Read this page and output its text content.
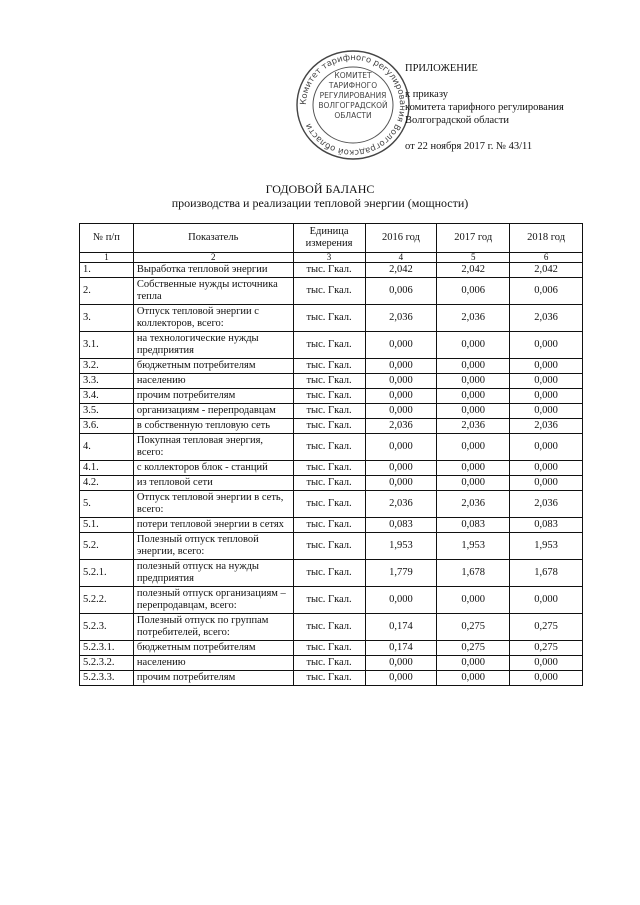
Комитет тарифного регулирования Волгоградской области
КОМИТЕТ ТАРИФНОГО РЕГУЛИРОВАНИЯ ВОЛГОГРАДСКОЙ ОБЛАСТИ
ПРИЛОЖЕНИЕ
к приказу
комитета тарифного регулирования
Волгоградской области
от 22 ноября 2017 г. № 43/11
ГОДОВОЙ БАЛАНС
производства и реализации тепловой энергии (мощности)
№ п/п	Показатель	Единица измерения	2016 год	2017 год	2018 год
1	2	3	4	5	6
1.	Выработка тепловой энергии	тыс. Гкал.	2,042	2,042	2,042
2.	Собственные нужды источника тепла	тыс. Гкал.	0,006	0,006	0,006
3.	Отпуск тепловой энергии с коллекторов, всего:	тыс. Гкал.	2,036	2,036	2,036
3.1.	на технологические нужды предприятия	тыс. Гкал.	0,000	0,000	0,000
3.2.	бюджетным потребителям	тыс. Гкал.	0,000	0,000	0,000
3.3.	населению	тыс. Гкал.	0,000	0,000	0,000
3.4.	прочим потребителям	тыс. Гкал.	0,000	0,000	0,000
3.5.	организациям - перепродавцам	тыс. Гкал.	0,000	0,000	0,000
3.6.	в собственную тепловую сеть	тыс. Гкал.	2,036	2,036	2,036
4.	Покупная тепловая энергия, всего:	тыс. Гкал.	0,000	0,000	0,000
4.1.	с коллекторов блок - станций	тыс. Гкал.	0,000	0,000	0,000
4.2.	из тепловой сети	тыс. Гкал.	0,000	0,000	0,000
5.	Отпуск тепловой энергии в сеть, всего:	тыс. Гкал.	2,036	2,036	2,036
5.1.	потери тепловой энергии в сетях	тыс. Гкал.	0,083	0,083	0,083
5.2.	Полезный отпуск тепловой энергии, всего:	тыс. Гкал.	1,953	1,953	1,953
5.2.1.	полезный отпуск на нужды предприятия	тыс. Гкал.	1,779	1,678	1,678
5.2.2.	полезный отпуск организациям – перепродавцам, всего:	тыс. Гкал.	0,000	0,000	0,000
5.2.3.	Полезный отпуск по группам потребителей, всего:	тыс. Гкал.	0,174	0,275	0,275
5.2.3.1.	бюджетным потребителям	тыс. Гкал.	0,174	0,275	0,275
5.2.3.2.	населению	тыс. Гкал.	0,000	0,000	0,000
5.2.3.3.	прочим потребителям	тыс. Гкал.	0,000	0,000	0,000
